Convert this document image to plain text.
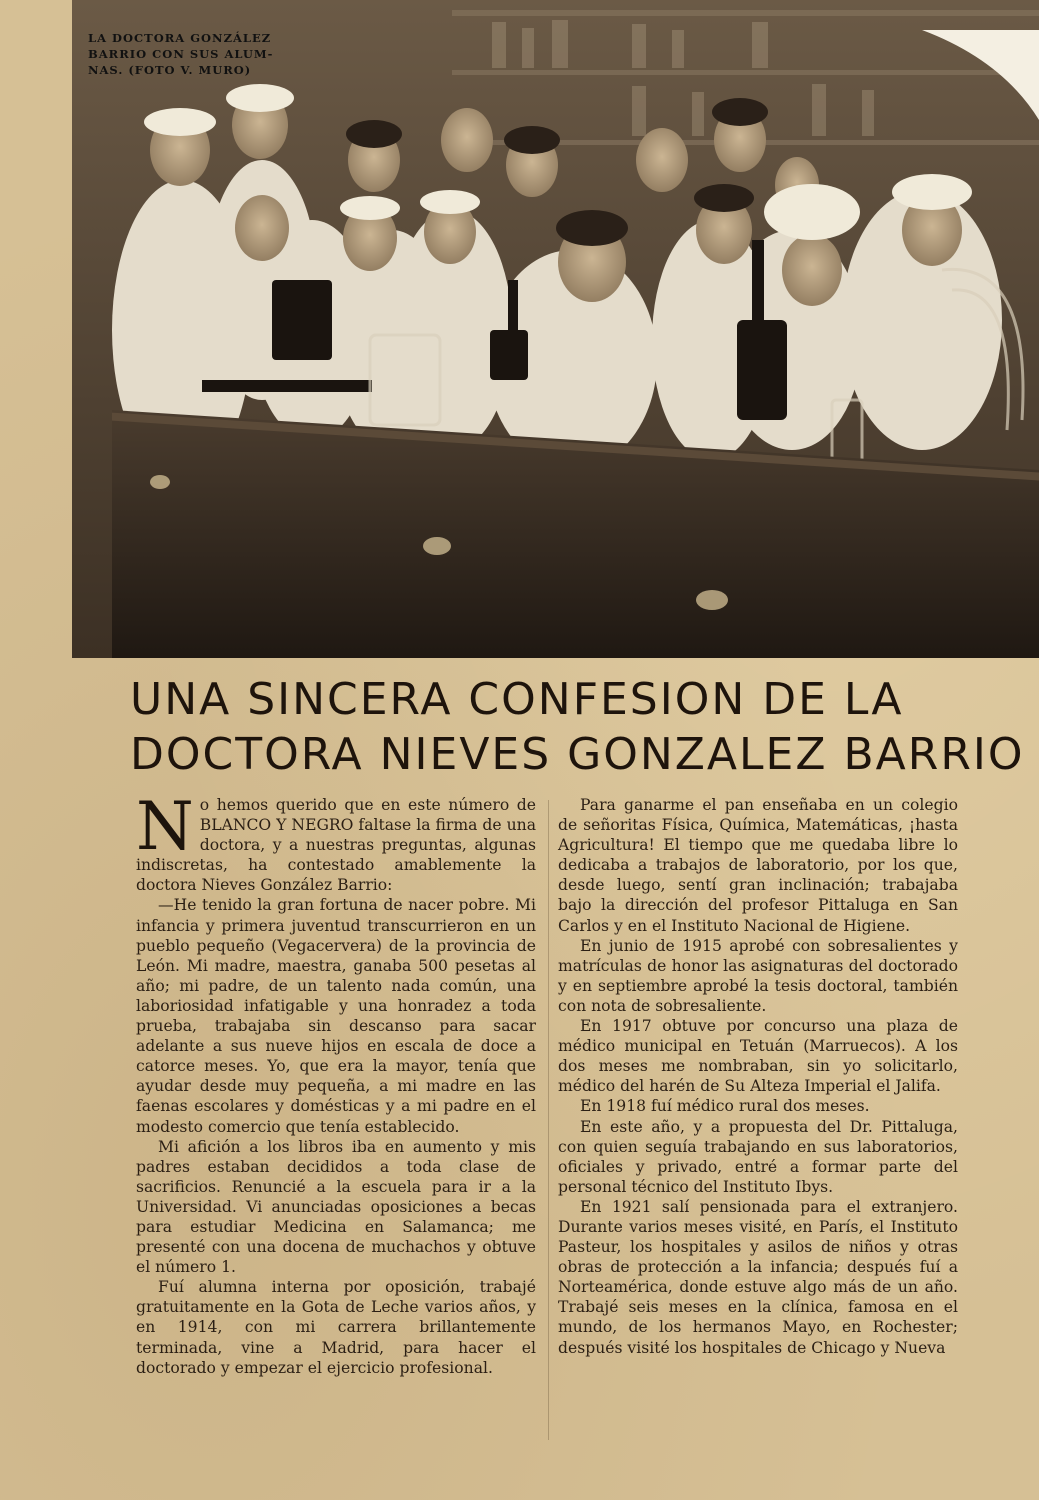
LA DOCTORA GONZÁLEZ
BARRIO CON SUS ALUM-
NAS. (FOTO V. MURO)
UNA SINCERA CONFESION DE LA
DOCTORA NIEVES GONZALEZ BARRIO

No hemos querido que en este número de BLANCO Y NEGRO faltase la firma de una doctora, y a nuestras preguntas, algunas indiscretas, ha contestado amablemente la doctora Nieves González Barrio:

—He tenido la gran fortuna de nacer pobre. Mi infancia y primera juventud transcurrieron en un pueblo pequeño (Vegacervera) de la provincia de León. Mi madre, maestra, ganaba 500 pesetas al año; mi padre, de un talento nada común, una laboriosidad infatigable y una honradez a toda prueba, trabajaba sin descanso para sacar adelante a sus nueve hijos en escala de doce a catorce meses. Yo, que era la mayor, tenía que ayudar desde muy pequeña, a mi madre en las faenas escolares y domésticas y a mi padre en el modesto comercio que tenía establecido.

Mi afición a los libros iba en aumento y mis padres estaban decididos a toda clase de sacrificios. Renuncié a la escuela para ir a la Universidad. Vi anunciadas oposiciones a becas para estudiar Medicina en Salamanca; me presenté con una docena de muchachos y obtuve el número 1.

Fuí alumna interna por oposición, trabajé gratuitamente en la Gota de Leche varios años, y en 1914, con mi carrera brillantemente terminada, vine a Madrid, para hacer el doctorado y empezar el ejercicio profesional.

Para ganarme el pan enseñaba en un colegio de señoritas Física, Química, Matemáticas, ¡hasta Agricultura! El tiempo que me quedaba libre lo dedicaba a trabajos de laboratorio, por los que, desde luego, sentí gran inclinación; trabajaba bajo la dirección del profesor Pittaluga en San Carlos y en el Instituto Nacional de Higiene.

En junio de 1915 aprobé con sobresalientes y matrículas de honor las asignaturas del doctorado y en septiembre aprobé la tesis doctoral, también con nota de sobresaliente.

En 1917 obtuve por concurso una plaza de médico municipal en Tetuán (Marruecos). A los dos meses me nombraban, sin yo solicitarlo, médico del harén de Su Alteza Imperial el Jalifa.

En 1918 fuí médico rural dos meses.

En este año, y a propuesta del Dr. Pittaluga, con quien seguía trabajando en sus laboratorios, oficiales y privado, entré a formar parte del personal técnico del Instituto Ibys.

En 1921 salí pensionada para el extranjero. Durante varios meses visité, en París, el Instituto Pasteur, los hospitales y asilos de niños y otras obras de protección a la infancia; después fuí a Norteamérica, donde estuve algo más de un año. Trabajé seis meses en la clínica, famosa en el mundo, de los hermanos Mayo, en Rochester; después visité los hospitales de Chicago y Nueva
